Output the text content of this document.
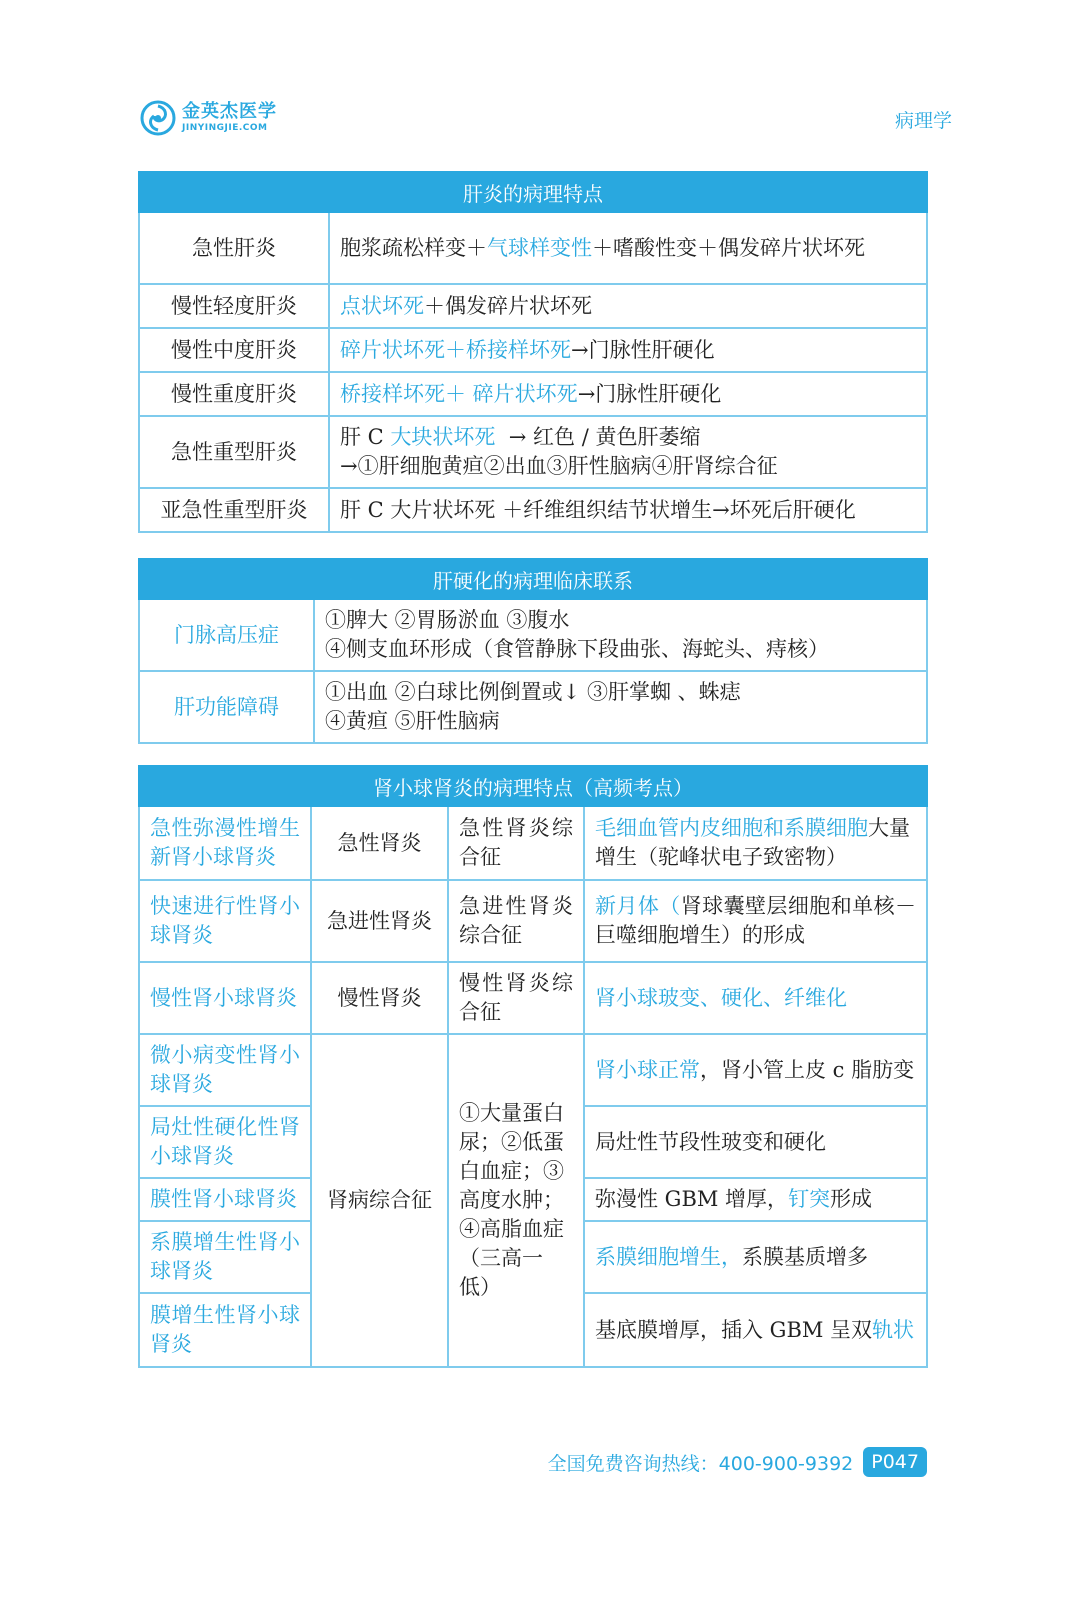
金英杰医学
JINYINGJIE.COM	病理学
肝炎的病理特点	
急性肝炎	胞浆疏松样变＋气球样变性＋嗜酸性变＋偶发碎片状坏死
慢性轻度肝炎	点状坏死＋偶发碎片状坏死
慢性中度肝炎	碎片状坏死＋桥接样坏死→门脉性肝硬化
慢性重度肝炎	桥接样坏死＋ 碎片状坏死→门脉性肝硬化
急性重型肝炎	肝 C 大块状坏死  → 红色 / 黄色肝萎缩
→①肝细胞黄疸②出血③肝性脑病④肝肾综合征

亚急性重型肝炎	肝 C 大片状坏死 ＋纤维组织结节状增生→坏死后肝硬化
肝硬化的病理临床联系	
门脉高压症	①脾大 ②胃肠淤血 ③腹水
④侧支血环形成（食管静脉下段曲张、海蛇头、痔核）

肝功能障碍	①出血 ②白球比例倒置或↓ ③肝掌蜘 、蛛痣
④黄疸 ⑤肝性脑病
肾小球肾炎的病理特点（高频考点）			
急性弥漫性增生新肾小球肾炎	急性肾炎	急性肾炎综合征	毛细血管内皮细胞和系膜细胞大量增生（驼峰状电子致密物）
快速进行性肾小球肾炎	急进性肾炎	急进性肾炎综合征	新月体（肾球囊壁层细胞和单核－巨噬细胞增生）的形成
慢性肾小球肾炎	慢性肾炎	慢性肾炎综合征	肾小球玻变、硬化、纤维化
微小病变性肾小球肾炎	肾病综合征	①大量蛋白尿；②低蛋白血症；③高度水肿；④高脂血症（三高一低）	肾小球正常，肾小管上皮 c 脂肪变
局灶性硬化性肾小球肾炎			局灶性节段性玻变和硬化
膜性肾小球肾炎			弥漫性 GBM 增厚，钉突形成
系膜增生性肾小球肾炎			系膜细胞增生，系膜基质增多
膜增生性肾小球肾炎			基底膜增厚，插入 GBM 呈双轨状
全国免费咨询热线：400-900-9392 P047
